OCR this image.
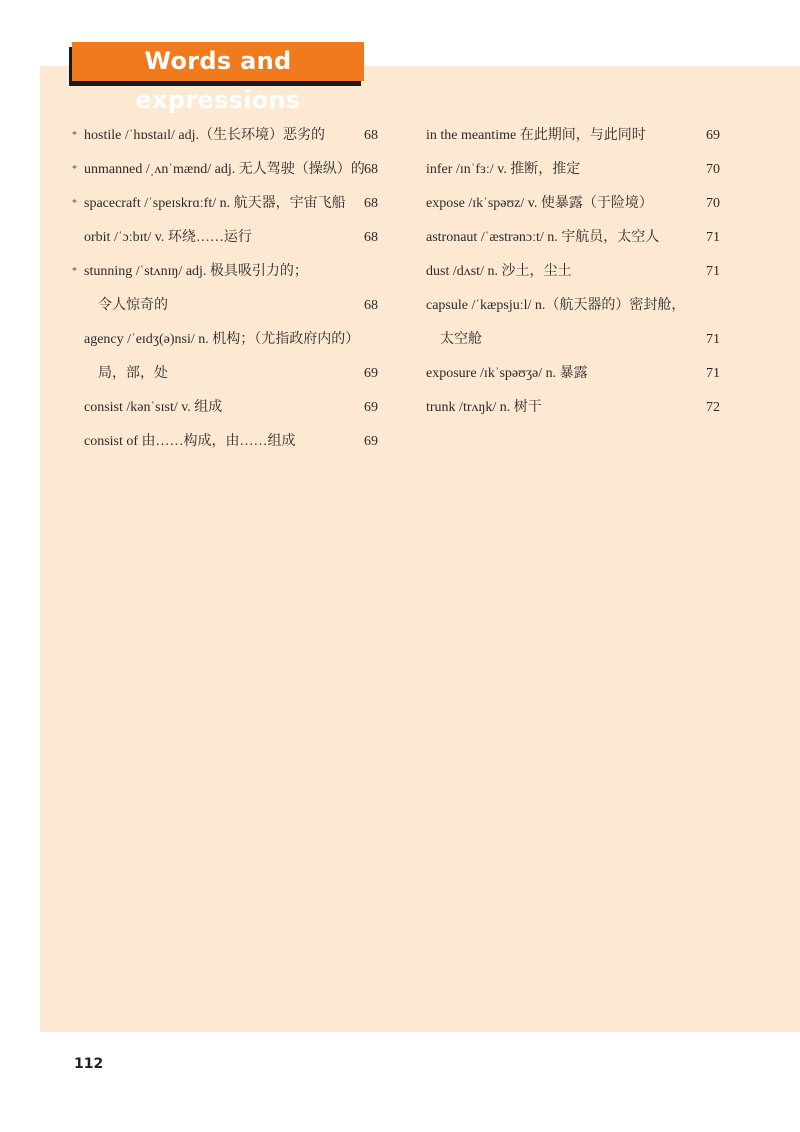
Words and expressions
* hostile /ˈhɒstaɪl/ adj.（生长环境）恶劣的	68
* unmanned /ˌʌnˈmænd/ adj. 无人驾驶（操纵）的 68
* spacecraft /ˈspeɪskrɑːft/ n. 航天器，宇宙飞船 68
orbit /ˈɔːbɪt/ v. 环绕……运行	68
* stunning /ˈstʌnɪŋ/ adj. 极具吸引力的；
令人惊奇的	68
agency /ˈeɪdʒ(ə)nsi/ n. 机构；（尤指政府内的）
局，部，处	69
consist /kənˈsɪst/ v. 组成	69
consist of 由……构成，由……组成	69
in the meantime 在此期间，与此同时	69
infer /ɪnˈfɜː/ v. 推断，推定	70
expose /ɪkˈspəʊz/ v. 使暴露（于险境）	70
astronaut /ˈæstrənɔːt/ n. 宇航员，太空人	71
dust /dʌst/ n. 沙土，尘土	71
capsule /ˈkæpsjuːl/ n.（航天器的）密封舱，
太空舱	71
exposure /ɪkˈspəʊʒə/ n. 暴露	71
trunk /trʌŋk/ n. 树干	72
112
